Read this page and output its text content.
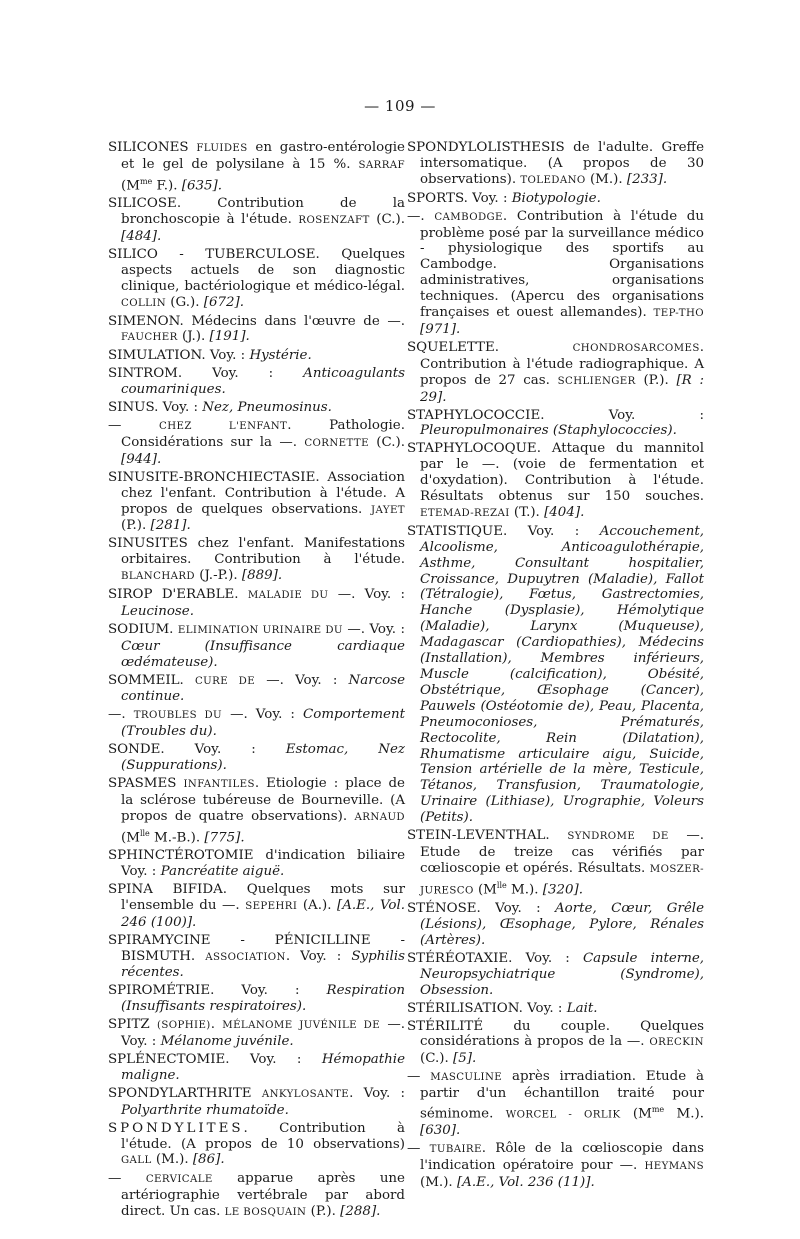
— 109 —

SILICONES FLUIDES en gastro-entérologie et le gel de polysilane à 15 %. SARRAF ($M^{me}$ F.). [635].

SILICOSE. Contribution de la bronchoscopie à l'étude. ROSENZAFT (C.). [484].

SILICO - TUBERCULOSE. Quelques aspects actuels de son diagnostic clinique, bactériologique et médico-légal. COLLIN (G.). [672].

SIMENON. Médecins dans l'œuvre de —. FAUCHER (J.). [191].

SIMULATION. Voy. : Hystérie.

SINTROM. Voy. : Anticoagulants coumariniques.

SINUS. Voy. : Nez, Pneumosinus.

— CHEZ L'ENFANT. Pathologie. Considérations sur la —. CORNETTE (C.). [944].

SINUSITE-BRONCHIECTASIE. Association chez l'enfant. Contribution à l'étude. A propos de quelques observations. JAYET (P.). [281].

SINUSITES chez l'enfant. Manifestations orbitaires. Contribution à l'étude. BLANCHARD (J.-P.). [889].

SIROP D'ERABLE. MALADIE DU —. Voy. : Leucinose.

SODIUM. ELIMINATION URINAIRE DU —. Voy. : Cœur (Insuffisance cardiaque œdémateuse).

SOMMEIL. CURE DE —. Voy. : Narcose continue.

—. TROUBLES DU —. Voy. : Comportement (Troubles du).

SONDE. Voy. : Estomac, Nez (Suppurations).

SPASMES INFANTILES. Etiologie : place de la sclérose tubéreuse de Bourneville. (A propos de quatre observations). ARNAUD ($M^{lle}$ M.-B.). [775].

SPHINCTÉROTOMIE d'indication biliaire Voy. : Pancréatite aiguë.

SPINA BIFIDA. Quelques mots sur l'ensemble du —. SEPEHRI (A.). [A.E., Vol. 246 (100)].

SPIRAMYCINE - PÉNICILLINE - BISMUTH. ASSOCIATION. Voy. : Syphilis récentes.

SPIROMÉTRIE. Voy. : Respiration (Insuffisants respiratoires).

SPITZ (SOPHIE). MÉLANOME JUVÉNILE DE —. Voy. : Mélanome juvénile.

SPLÉNECTOMIE. Voy. : Hémopathie maligne.

SPONDYLARTHRITE ANKYLOSANTE. Voy. : Polyarthrite rhumatoïde.

SPONDYLITES. Contribution à l'étude. (A propos de 10 observations) GALL (M.). [86].

— CERVICALE apparue après une artériographie vertébrale par abord direct. Un cas. LE BOSQUAIN (P.). [288].

SPONDYLOLISTHESIS de l'adulte. Greffe intersomatique. (A propos de 30 observations). TOLEDANO (M.). [233].

SPORTS. Voy. : Biotypologie.

—. CAMBODGE. Contribution à l'étude du problème posé par la surveillance médico - physiologique des sportifs au Cambodge. Organisations administratives, organisations techniques. (Apercu des organisations françaises et ouest allemandes). TEP-THO [971].

SQUELETTE. CHONDROSARCOMES. Contribution à l'étude radiographique. A propos de 27 cas. SCHLIENGER (P.). [R : 29].

STAPHYLOCOCCIE. Voy. : Pleuropulmonaires (Staphylococcies).

STAPHYLOCOQUE. Attaque du mannitol par le —. (voie de fermentation et d'oxydation). Contribution à l'étude. Résultats obtenus sur 150 souches. ETEMAD-REZAI (T.). [404].

STATISTIQUE. Voy. : Accouchement, Alcoolisme, Anticoagulothérapie, Asthme, Consultant hospitalier, Croissance, Dupuytren (Maladie), Fallot (Tétralogie), Fœtus, Gastrectomies, Hanche (Dysplasie), Hémolytique (Maladie), Larynx (Muqueuse), Madagascar (Cardiopathies), Médecins (Installation), Membres inférieurs, Muscle (calcification), Obésité, Obstétrique, Œsophage (Cancer), Pauwels (Ostéotomie de), Peau, Placenta, Pneumoconioses, Prématurés, Rectocolite, Rein (Dilatation), Rhumatisme articulaire aigu, Suicide, Tension artérielle de la mère, Testicule, Tétanos, Transfusion, Traumatologie, Urinaire (Lithiase), Urographie, Voleurs (Petits).

STEIN-LEVENTHAL. SYNDROME DE —. Etude de treize cas vérifiés par cœlioscopie et opérés. Résultats. MOSZER-JURESCO ($M^{lle}$ M.). [320].

STÉNOSE. Voy. : Aorte, Cœur, Grêle (Lésions), Œsophage, Pylore, Rénales (Artères).

STÉRÉOTAXIE. Voy. : Capsule interne, Neuropsychiatrique (Syndrome), Obsession.

STÉRILISATION. Voy. : Lait.

STÉRILITÉ du couple. Quelques considérations à propos de la —. ORECKIN (C.). [5].

— MASCULINE après irradiation. Etude à partir d'un échantillon traité pour séminome. WORCEL - ORLIK ($M^{me}$ M.). [630].

— TUBAIRE. Rôle de la cœlioscopie dans l'indication opératoire pour —. HEYMANS (M.). [A.E., Vol. 236 (11)].
